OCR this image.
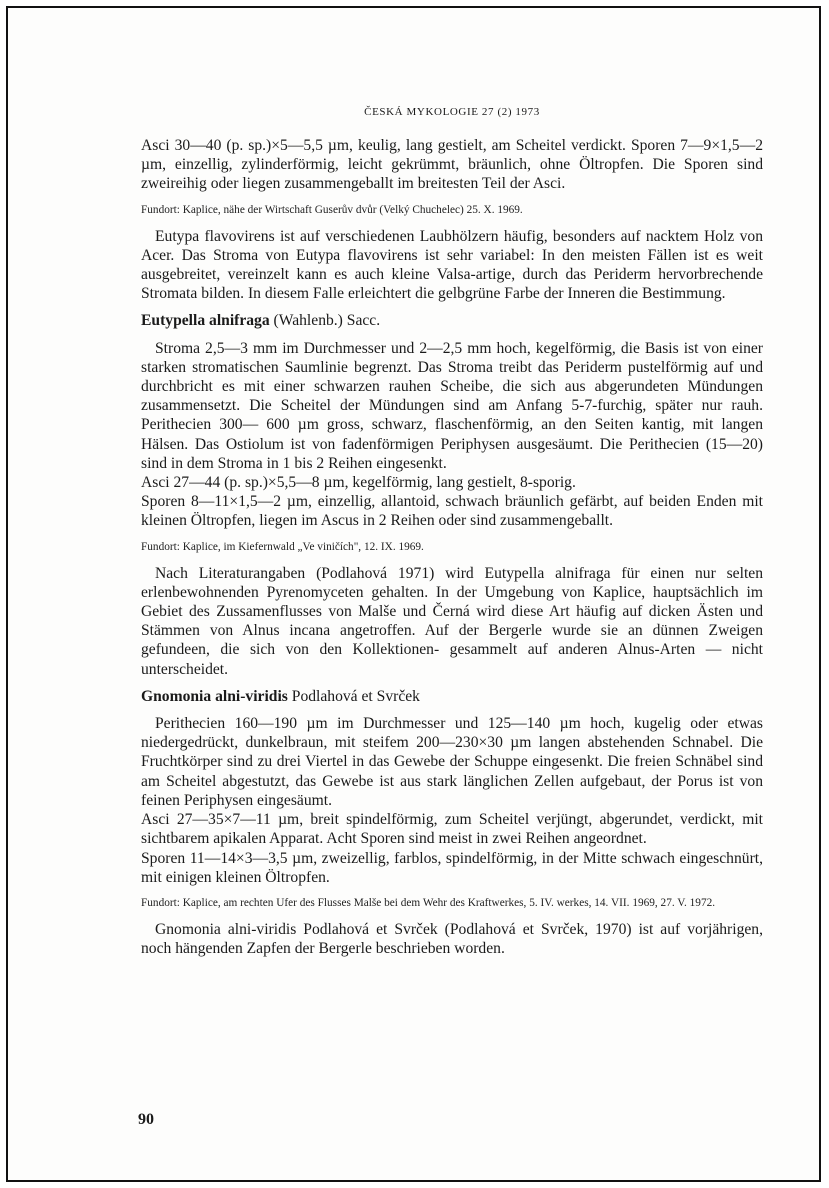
ČESKÁ MYKOLOGIE 27 (2) 1973

Asci 30—40 (p. sp.)×5—5,5 µm, keulig, lang gestielt, am Scheitel verdickt. Sporen 7—9×1,5—2 µm, einzellig, zylinderförmig, leicht gekrümmt, bräunlich, ohne Öltropfen. Die Sporen sind zweireihig oder liegen zusammengeballt im breitesten Teil der Asci.

Fundort: Kaplice, nähe der Wirtschaft Guserův dvůr (Velký Chuchelec) 25. X. 1969.

Eutypa flavovirens ist auf verschiedenen Laubhölzern häufig, besonders auf nacktem Holz von Acer. Das Stroma von Eutypa flavovirens ist sehr variabel: In den meisten Fällen ist es weit ausgebreitet, vereinzelt kann es auch kleine Valsa-artige, durch das Periderm hervorbrechende Stromata bilden. In diesem Falle erleichtert die gelbgrüne Farbe der Inneren die Bestimmung.

Eutypella alnifraga (Wahlenb.) Sacc.

Stroma 2,5—3 mm im Durchmesser und 2—2,5 mm hoch, kegelförmig, die Basis ist von einer starken stromatischen Saumlinie begrenzt. Das Stroma treibt das Periderm pustelförmig auf und durchbricht es mit einer schwarzen rauhen Scheibe, die sich aus abgerundeten Mündungen zusammensetzt. Die Scheitel der Mündungen sind am Anfang 5-7-furchig, später nur rauh. Perithecien 300— 600 µm gross, schwarz, flaschenförmig, an den Seiten kantig, mit langen Hälsen. Das Ostiolum ist von fadenförmigen Periphysen ausgesäumt. Die Perithecien (15—20) sind in dem Stroma in 1 bis 2 Reihen eingesenkt.

Asci 27—44 (p. sp.)×5,5—8 µm, kegelförmig, lang gestielt, 8-sporig.

Sporen 8—11×1,5—2 µm, einzellig, allantoid, schwach bräunlich gefärbt, auf beiden Enden mit kleinen Öltropfen, liegen im Ascus in 2 Reihen oder sind zusammengeballt.

Fundort: Kaplice, im Kiefernwald „Ve viničích", 12. IX. 1969.

Nach Literaturangaben (Podlahová 1971) wird Eutypella alnifraga für einen nur selten erlenbewohnenden Pyrenomyceten gehalten. In der Umgebung von Kaplice, hauptsächlich im Gebiet des Zussamenflusses von Malše und Černá wird diese Art häufig auf dicken Ästen und Stämmen von Alnus incana angetroffen. Auf der Bergerle wurde sie an dünnen Zweigen gefundeen, die sich von den Kollektionen- gesammelt auf anderen Alnus-Arten — nicht unterscheidet.

Gnomonia alni-viridis Podlahová et Svrček

Perithecien 160—190 µm im Durchmesser und 125—140 µm hoch, kugelig oder etwas niedergedrückt, dunkelbraun, mit steifem 200—230×30 µm langen abstehenden Schnabel. Die Fruchtkörper sind zu drei Viertel in das Gewebe der Schuppe eingesenkt. Die freien Schnäbel sind am Scheitel abgestutzt, das Gewebe ist aus stark länglichen Zellen aufgebaut, der Porus ist von feinen Periphysen eingesäumt.

Asci 27—35×7—11 µm, breit spindelförmig, zum Scheitel verjüngt, abgerundet, verdickt, mit sichtbarem apikalen Apparat. Acht Sporen sind meist in zwei Reihen angeordnet.

Sporen 11—14×3—3,5 µm, zweizellig, farblos, spindelförmig, in der Mitte schwach eingeschnürt, mit einigen kleinen Öltropfen.

Fundort: Kaplice, am rechten Ufer des Flusses Malše bei dem Wehr des Kraftwerkes, 5. IV. werkes, 14. VII. 1969, 27. V. 1972.

Gnomonia alni-viridis Podlahová et Svrček (Podlahová et Svrček, 1970) ist auf vorjährigen, noch hängenden Zapfen der Bergerle beschrieben worden.

90
